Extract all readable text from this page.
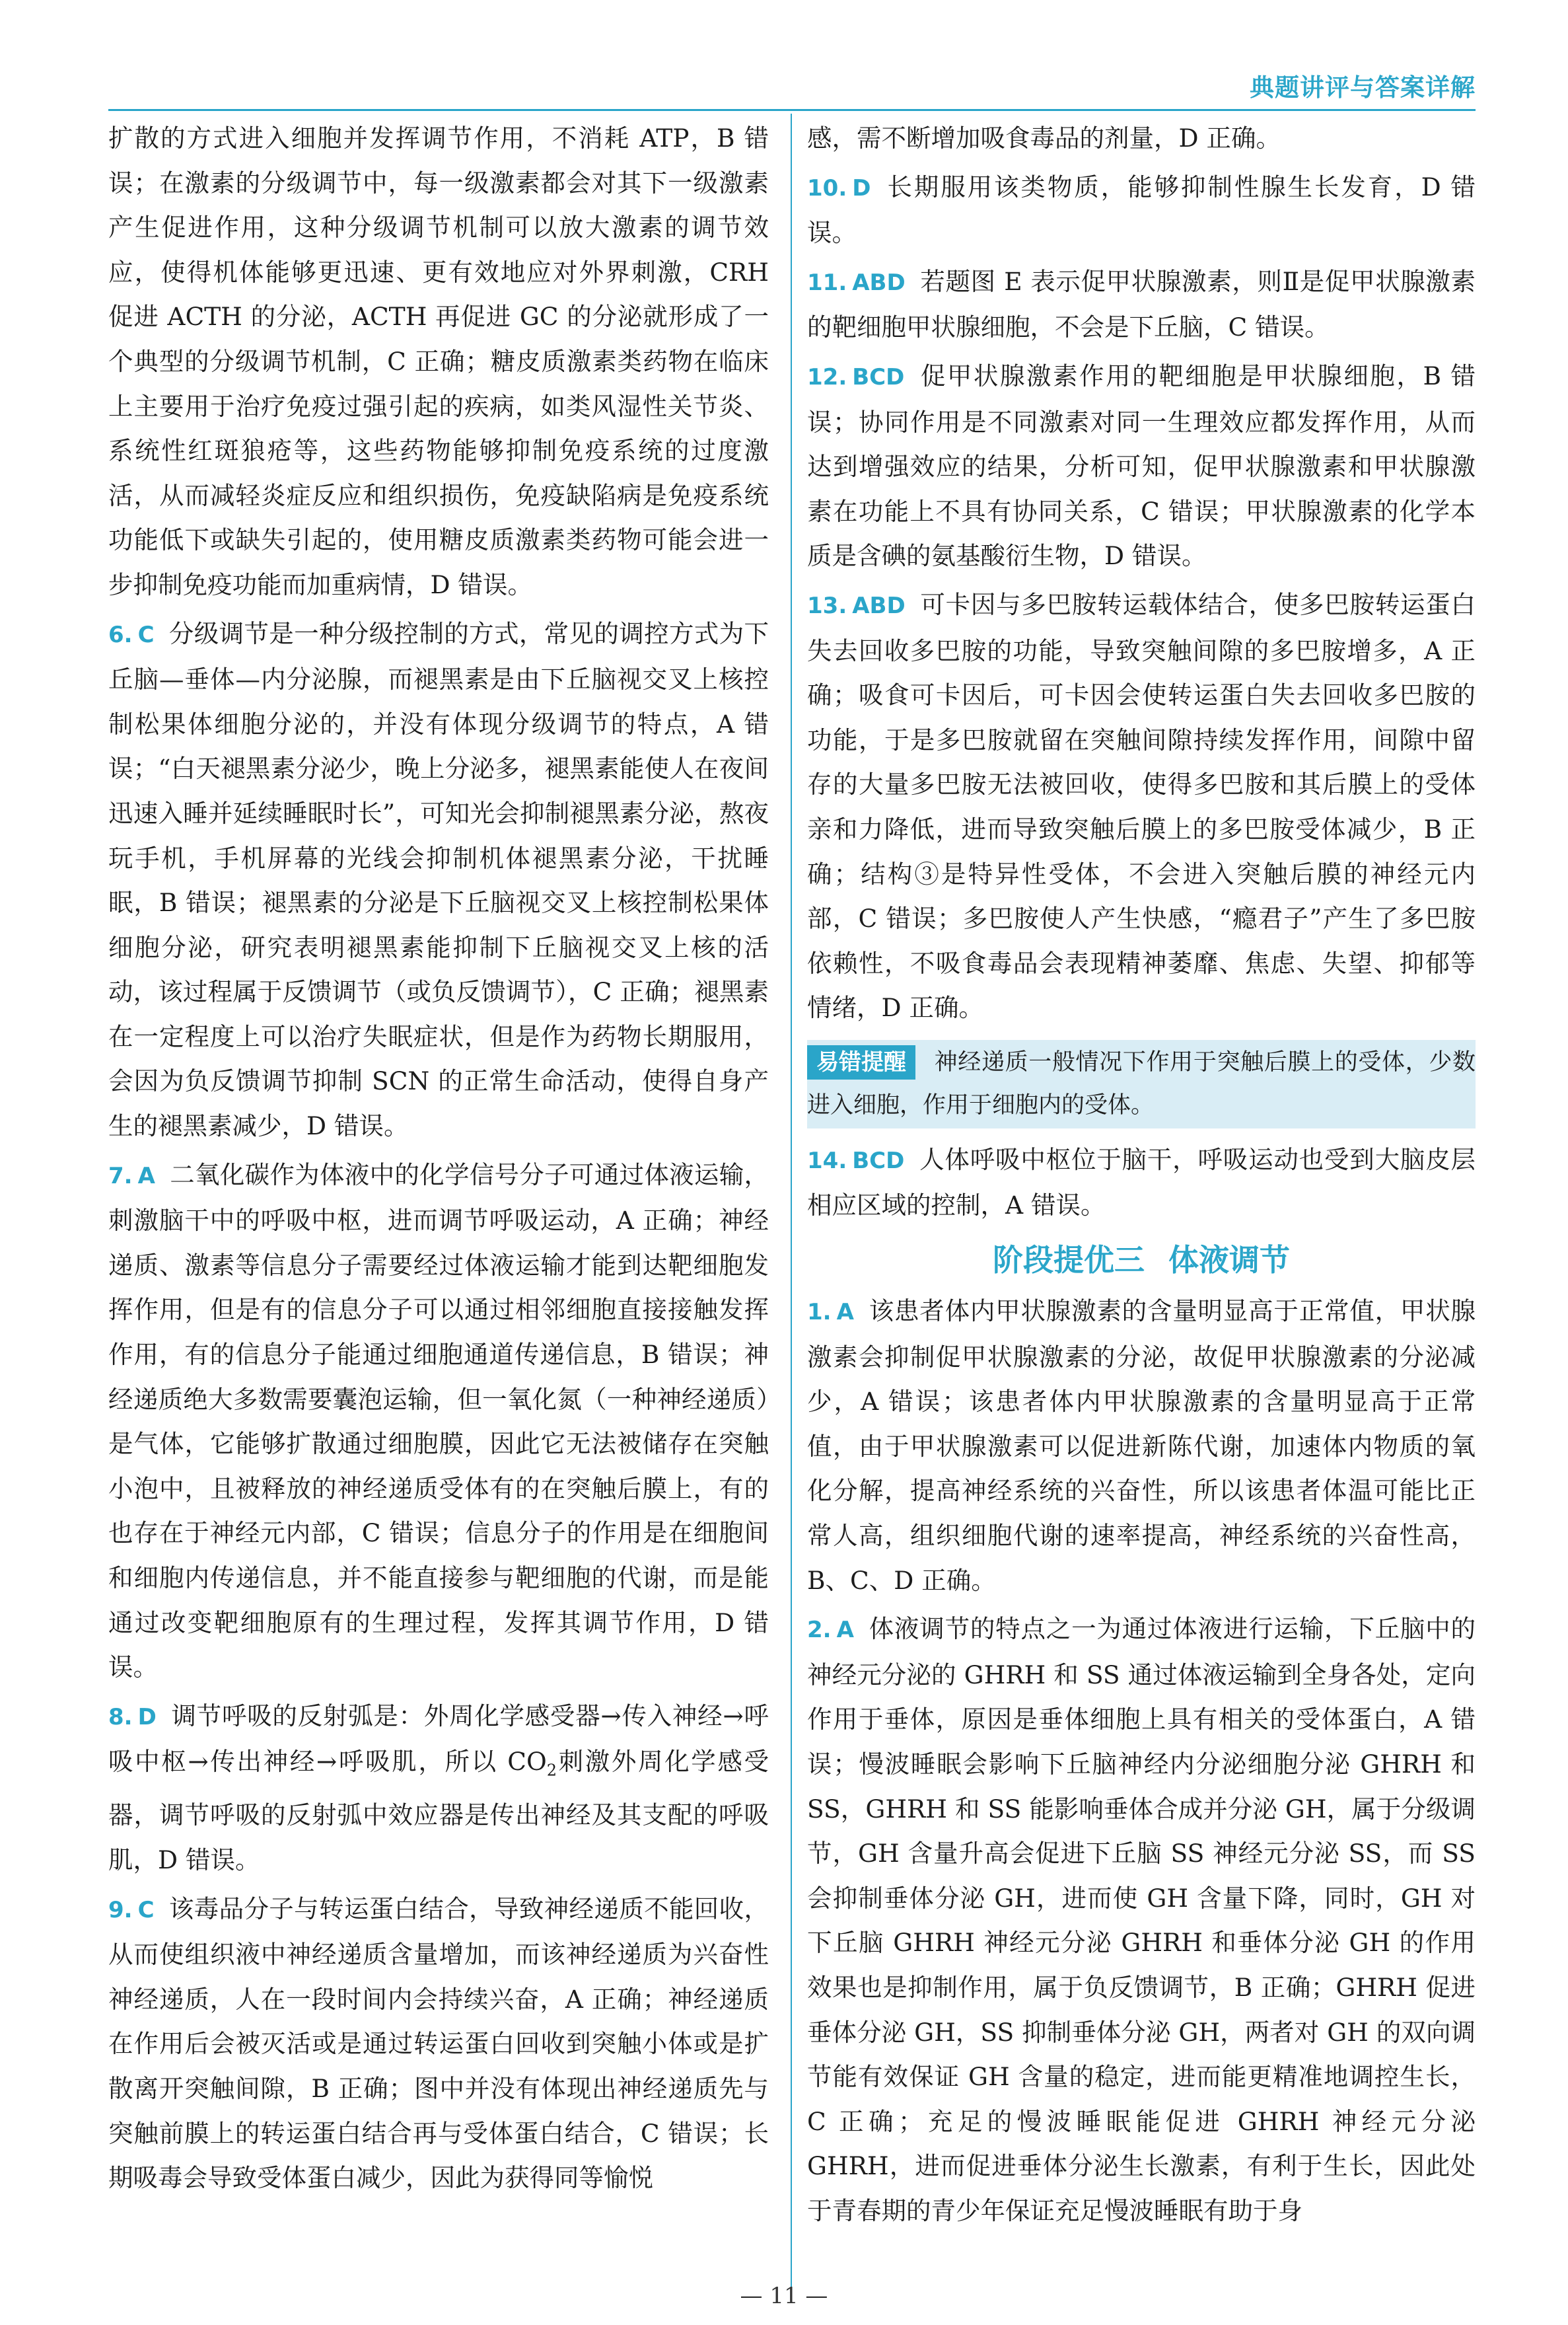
典题讲评与答案详解

扩散的方式进入细胞并发挥调节作用，不消耗 ATP，B 错误；在激素的分级调节中，每一级激素都会对其下一级激素产生促进作用，这种分级调节机制可以放大激素的调节效应，使得机体能够更迅速、更有效地应对外界刺激，CRH 促进 ACTH 的分泌，ACTH 再促进 GC 的分泌就形成了一个典型的分级调节机制，C 正确；糖皮质激素类药物在临床上主要用于治疗免疫过强引起的疾病，如类风湿性关节炎、系统性红斑狼疮等，这些药物能够抑制免疫系统的过度激活，从而减轻炎症反应和组织损伤，免疫缺陷病是免疫系统功能低下或缺失引起的，使用糖皮质激素类药物可能会进一步抑制免疫功能而加重病情，D 错误。

6. C 分级调节是一种分级控制的方式，常见的调控方式为下丘脑—垂体—内分泌腺，而褪黑素是由下丘脑视交叉上核控制松果体细胞分泌的，并没有体现分级调节的特点，A 错误；“白天褪黑素分泌少，晚上分泌多，褪黑素能使人在夜间迅速入睡并延续睡眠时长”，可知光会抑制褪黑素分泌，熬夜玩手机，手机屏幕的光线会抑制机体褪黑素分泌，干扰睡眠，B 错误；褪黑素的分泌是下丘脑视交叉上核控制松果体细胞分泌，研究表明褪黑素能抑制下丘脑视交叉上核的活动，该过程属于反馈调节（或负反馈调节），C 正确；褪黑素在一定程度上可以治疗失眠症状，但是作为药物长期服用，会因为负反馈调节抑制 SCN 的正常生命活动，使得自身产生的褪黑素减少，D 错误。

7. A 二氧化碳作为体液中的化学信号分子可通过体液运输，刺激脑干中的呼吸中枢，进而调节呼吸运动，A 正确；神经递质、激素等信息分子需要经过体液运输才能到达靶细胞发挥作用，但是有的信息分子可以通过相邻细胞直接接触发挥作用，有的信息分子能通过细胞通道传递信息，B 错误；神经递质绝大多数需要囊泡运输，但一氧化氮（一种神经递质）是气体，它能够扩散通过细胞膜，因此它无法被储存在突触小泡中，且被释放的神经递质受体有的在突触后膜上，有的也存在于神经元内部，C 错误；信息分子的作用是在细胞间和细胞内传递信息，并不能直接参与靶细胞的代谢，而是能通过改变靶细胞原有的生理过程，发挥其调节作用，D 错误。

8. D 调节呼吸的反射弧是：外周化学感受器→传入神经→呼吸中枢→传出神经→呼吸肌，所以 $CO_2$刺激外周化学感受器，调节呼吸的反射弧中效应器是传出神经及其支配的呼吸肌，D 错误。

9. C 该毒品分子与转运蛋白结合，导致神经递质不能回收，从而使组织液中神经递质含量增加，而该神经递质为兴奋性神经递质，人在一段时间内会持续兴奋，A 正确；神经递质在作用后会被灭活或是通过转运蛋白回收到突触小体或是扩散离开突触间隙，B 正确；图中并没有体现出神经递质先与突触前膜上的转运蛋白结合再与受体蛋白结合，C 错误；长期吸毒会导致受体蛋白减少，因此为获得同等愉悦

感，需不断增加吸食毒品的剂量，D 正确。

10. D 长期服用该类物质，能够抑制性腺生长发育，D 错误。

11. ABD 若题图 E 表示促甲状腺激素，则Ⅱ是促甲状腺激素的靶细胞甲状腺细胞，不会是下丘脑，C 错误。

12. BCD 促甲状腺激素作用的靶细胞是甲状腺细胞，B 错误；协同作用是不同激素对同一生理效应都发挥作用，从而达到增强效应的结果，分析可知，促甲状腺激素和甲状腺激素在功能上不具有协同关系，C 错误；甲状腺激素的化学本质是含碘的氨基酸衍生物，D 错误。

13. ABD 可卡因与多巴胺转运载体结合，使多巴胺转运蛋白失去回收多巴胺的功能，导致突触间隙的多巴胺增多，A 正确；吸食可卡因后，可卡因会使转运蛋白失去回收多巴胺的功能，于是多巴胺就留在突触间隙持续发挥作用，间隙中留存的大量多巴胺无法被回收，使得多巴胺和其后膜上的受体亲和力降低，进而导致突触后膜上的多巴胺受体减少，B 正确；结构③是特异性受体，不会进入突触后膜的神经元内部，C 错误；多巴胺使人产生快感，“瘾君子”产生了多巴胺依赖性，不吸食毒品会表现精神萎靡、焦虑、失望、抑郁等情绪，D 正确。

易错提醒 神经递质一般情况下作用于突触后膜上的受体，少数进入细胞，作用于细胞内的受体。

14. BCD 人体呼吸中枢位于脑干，呼吸运动也受到大脑皮层相应区域的控制，A 错误。

阶段提优三 体液调节

1. A 该患者体内甲状腺激素的含量明显高于正常值，甲状腺激素会抑制促甲状腺激素的分泌，故促甲状腺激素的分泌减少，A 错误；该患者体内甲状腺激素的含量明显高于正常值，由于甲状腺激素可以促进新陈代谢，加速体内物质的氧化分解，提高神经系统的兴奋性，所以该患者体温可能比正常人高，组织细胞代谢的速率提高，神经系统的兴奋性高，B、C、D 正确。

2. A 体液调节的特点之一为通过体液进行运输，下丘脑中的神经元分泌的 GHRH 和 SS 通过体液运输到全身各处，定向作用于垂体，原因是垂体细胞上具有相关的受体蛋白，A 错误；慢波睡眠会影响下丘脑神经内分泌细胞分泌 GHRH 和 SS，GHRH 和 SS 能影响垂体合成并分泌 GH，属于分级调节，GH 含量升高会促进下丘脑 SS 神经元分泌 SS，而 SS 会抑制垂体分泌 GH，进而使 GH 含量下降，同时，GH 对下丘脑 GHRH 神经元分泌 GHRH 和垂体分泌 GH 的作用效果也是抑制作用，属于负反馈调节，B 正确；GHRH 促进垂体分泌 GH，SS 抑制垂体分泌 GH，两者对 GH 的双向调节能有效保证 GH 含量的稳定，进而能更精准地调控生长，C 正确；充足的慢波睡眠能促进 GHRH 神经元分泌 GHRH，进而促进垂体分泌生长激素，有利于生长，因此处于青春期的青少年保证充足慢波睡眠有助于身

— 11 —
